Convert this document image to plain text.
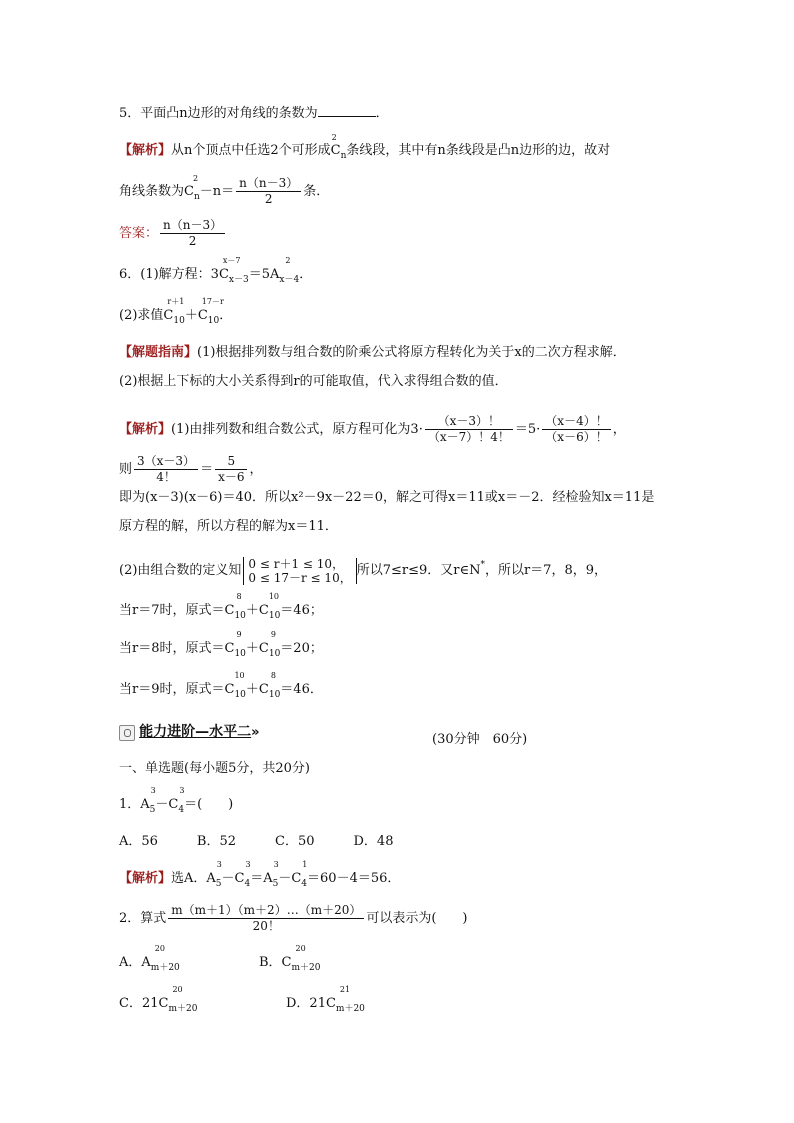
5．平面凸n边形的对角线的条数为	．
【解析】从n个顶点中任选2个可形成
2
$C_n$条线段，其中有n条线段是凸n边形的边，故对
角线条数为
2
$C_n-n= \frac{n(n-3)}{2}$ 条．
答案： $\frac{n(n-3)}{2}$
6．(1)解方程：3C
x－7
$_{x-3}$＝5A
2
$_{x-4}$．
(2)求值C
r＋1
$_{10}$＋C
17－r
$_{10}$．
【解题指南】(1)根据排列数与组合数的阶乘公式将原方程转化为关于x的二次方程求解．
(2)根据上下标的大小关系得到r的可能取值，代入求得组合数的值．
【解析】(1)由排列数和组合数公式，原方程可化为$3\cdot \frac{(x-3)!}{(x-7)!4!} =5\cdot \frac{(x-4)!}{(x-6)!}$ ，
则 $\frac{3(x-3)}{4!} = \frac{5}{x-6}$ ，
即为(x－3)(x－6)＝40．所以x²－9x－22＝0，解之可得x＝11或x＝－2．经检验知x＝11是
原方程的解，所以方程的解为x＝11．
(2)由组合数的定义知 0 ≤ r＋1 ≤ 10，
0 ≤ 17－r ≤ 10， 所以7≤r≤9．又r∈N*，所以r＝7，8，9，
当r＝7时，原式＝C
8
$_{10}$＋C
10
$_{10}$＝46；
当r＝8时，原式＝C
9
$_{10}$＋C
9
$_{10}$＝20；
当r＝9时，原式＝C
10
$_{10}$＋C
8
$_{10}$＝46．
能力进阶—水平二»	(30分钟　60分)
一、单选题(每小题5分，共20分)
1．A
3
$_5$－C
3
$_4$＝(　　)
A．56　　　B．52　　　C．50　　　D．48
【解析】选A．A
3
$_5$－C
3
$_4$＝A
3
$_5$－C
1
$_4$＝60－4＝56．
2．算式 $\frac{m(m+1)(m+2)\dots(m+20)}{20!}$ 可以表示为(　　)
A．A
20
$_{m+20}$	B．C
20
$_{m+20}$
C．21C
20
$_{m+20}$	D．21C
21
$_{m+20}$
